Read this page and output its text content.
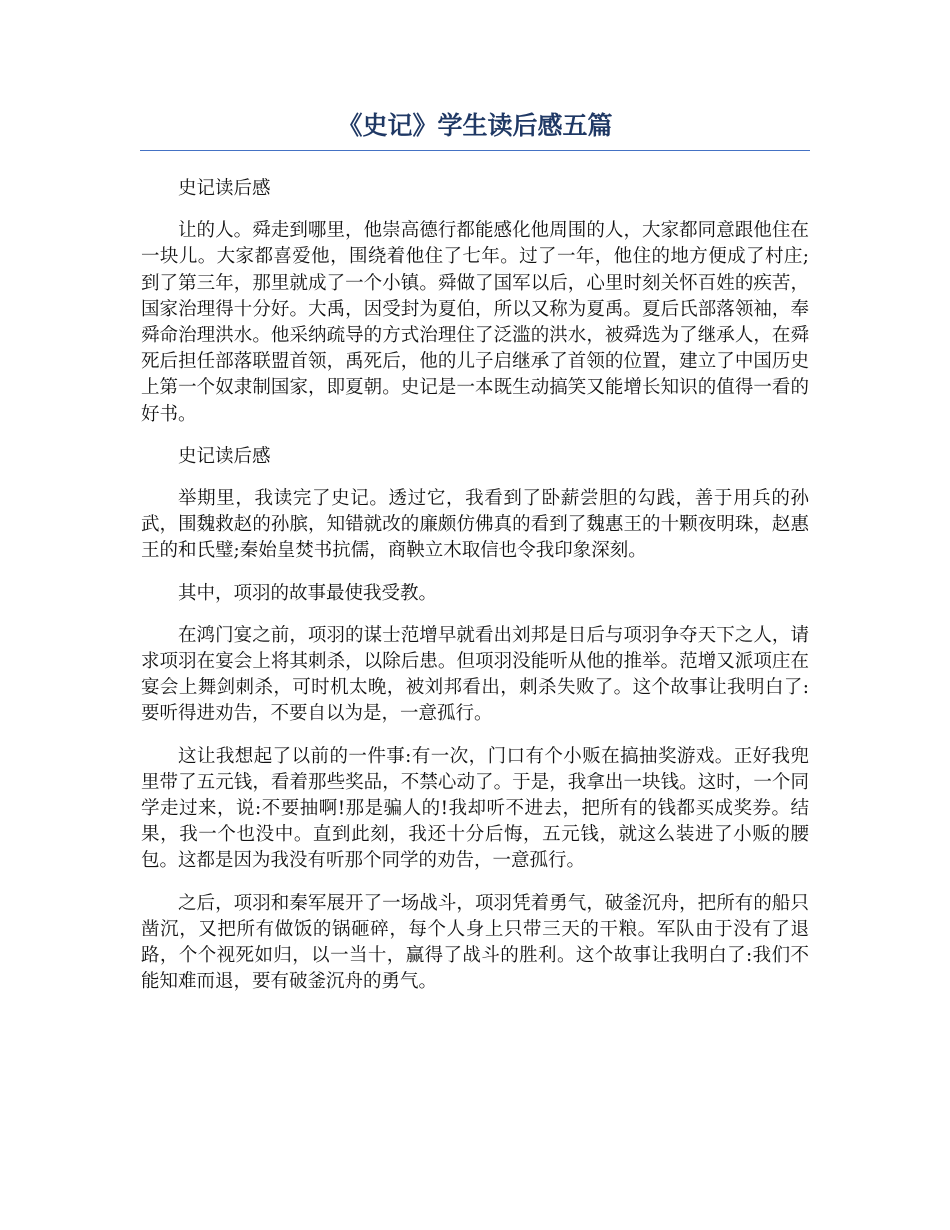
《史记》学生读后感五篇

史记读后感

让的人。舜走到哪里，他崇高德行都能感化他周围的人，大家都同意跟他住在一块儿。大家都喜爱他，围绕着他住了七年。过了一年，他住的地方便成了村庄;到了第三年，那里就成了一个小镇。舜做了国军以后，心里时刻关怀百姓的疾苦，国家治理得十分好。大禹，因受封为夏伯，所以又称为夏禹。夏后氏部落领袖，奉舜命治理洪水。他采纳疏导的方式治理住了泛滥的洪水，被舜选为了继承人，在舜死后担任部落联盟首领，禹死后，他的儿子启继承了首领的位置，建立了中国历史上第一个奴隶制国家，即夏朝。史记是一本既生动搞笑又能增长知识的值得一看的好书。

史记读后感

举期里，我读完了史记。透过它，我看到了卧薪尝胆的勾践，善于用兵的孙武，围魏救赵的孙膑，知错就改的廉颇仿佛真的看到了魏惠王的十颗夜明珠，赵惠王的和氏璧;秦始皇焚书抗儒，商鞅立木取信也令我印象深刻。

其中，项羽的故事最使我受教。

在鸿门宴之前，项羽的谋士范增早就看出刘邦是日后与项羽争夺天下之人，请求项羽在宴会上将其刺杀，以除后患。但项羽没能听从他的推举。范增又派项庄在宴会上舞剑刺杀，可时机太晚，被刘邦看出，刺杀失败了。这个故事让我明白了:要听得进劝告，不要自以为是，一意孤行。

这让我想起了以前的一件事:有一次，门口有个小贩在搞抽奖游戏。正好我兜里带了五元钱，看着那些奖品，不禁心动了。于是，我拿出一块钱。这时，一个同学走过来，说:不要抽啊!那是骗人的!我却听不进去，把所有的钱都买成奖券。结果，我一个也没中。直到此刻，我还十分后悔，五元钱，就这么装进了小贩的腰包。这都是因为我没有听那个同学的劝告，一意孤行。

之后，项羽和秦军展开了一场战斗，项羽凭着勇气，破釜沉舟，把所有的船只凿沉，又把所有做饭的锅砸碎，每个人身上只带三天的干粮。军队由于没有了退路，个个视死如归，以一当十，赢得了战斗的胜利。这个故事让我明白了:我们不能知难而退，要有破釜沉舟的勇气。
